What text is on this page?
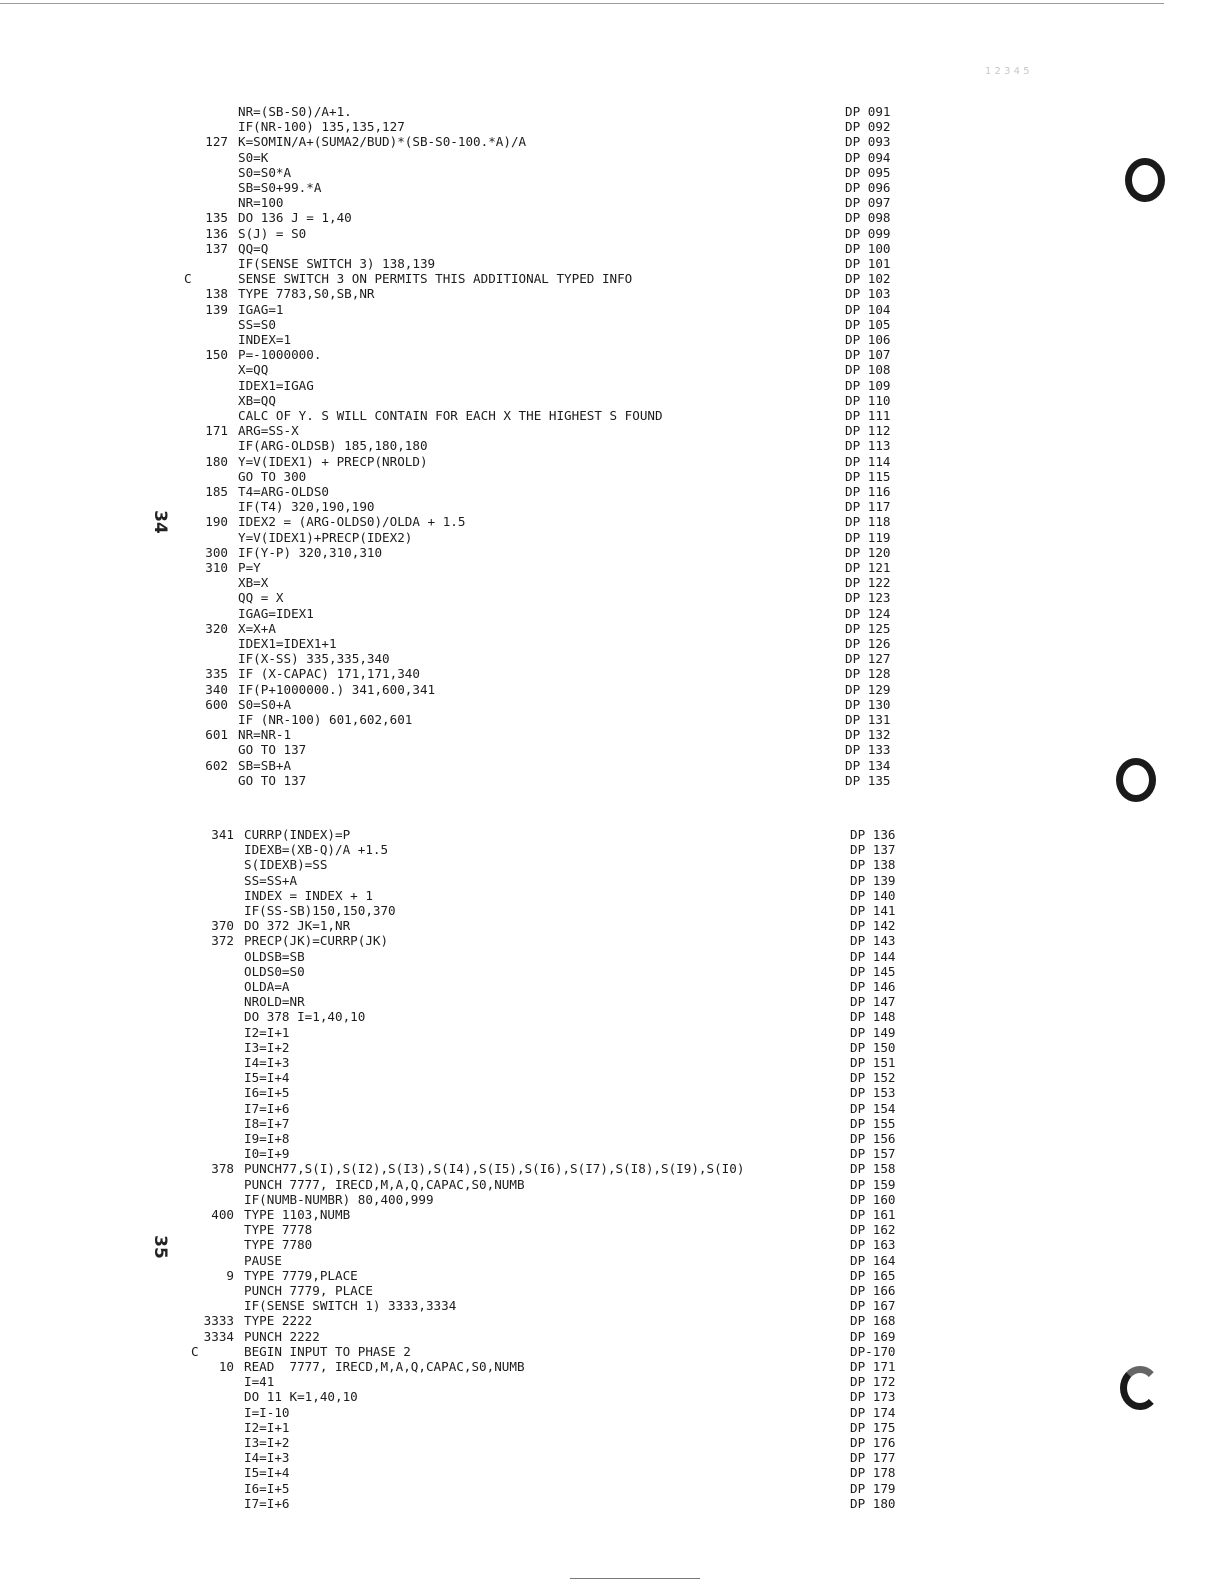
1 2 3 4 5
NR=(SB-S0)/A+1.	DP 091
IF(NR-100) 135,135,127	DP 092
127 K=SOMIN/A+(SUMA2/BUD)*(SB-S0-100.*A)/A	DP 093
S0=K	DP 094
S0=S0*A	DP 095
SB=S0+99.*A	DP 096
NR=100	DP 097
135 DO 136 J = 1,40	DP 098
136 S(J) = S0	DP 099
137 QQ=Q	DP 100
IF(SENSE SWITCH 3) 138,139	DP 101
C	SENSE SWITCH 3 ON PERMITS THIS ADDITIONAL TYPED INFO	DP 102
138 TYPE 7783,S0,SB,NR	DP 103
139 IGAG=1	DP 104
SS=S0	DP 105
INDEX=1	DP 106
150 P=-1000000.	DP 107
X=QQ	DP 108
IDEX1=IGAG	DP 109
XB=QQ	DP 110
CALC OF Y. S WILL CONTAIN FOR EACH X THE HIGHEST S FOUND	DP 111
171 ARG=SS-X	DP 112
IF(ARG-OLDSB) 185,180,180	DP 113
180 Y=V(IDEX1) + PRECP(NROLD)	DP 114
GO TO 300	DP 115
185 T4=ARG-OLDS0	DP 116
IF(T4) 320,190,190	DP 117
190 IDEX2 = (ARG-OLDS0)/OLDA + 1.5	DP 118
Y=V(IDEX1)+PRECP(IDEX2)	DP 119
300 IF(Y-P) 320,310,310	DP 120
310 P=Y	DP 121
XB=X	DP 122
QQ = X	DP 123
IGAG=IDEX1	DP 124
320 X=X+A	DP 125
IDEX1=IDEX1+1	DP 126
IF(X-SS) 335,335,340	DP 127
335 IF (X-CAPAC) 171,171,340	DP 128
340 IF(P+1000000.) 341,600,341	DP 129
600 S0=S0+A	DP 130
IF (NR-100) 601,602,601	DP 131
601 NR=NR-1	DP 132
GO TO 137	DP 133
602 SB=SB+A	DP 134
GO TO 137	DP 135
341 CURRP(INDEX)=P	DP 136
IDEXB=(XB-Q)/A +1.5	DP 137
S(IDEXB)=SS	DP 138
SS=SS+A	DP 139
INDEX = INDEX + 1	DP 140
IF(SS-SB)150,150,370	DP 141
370 DO 372 JK=1,NR	DP 142
372 PRECP(JK)=CURRP(JK)	DP 143
OLDSB=SB	DP 144
OLDS0=S0	DP 145
OLDA=A	DP 146
NROLD=NR	DP 147
DO 378 I=1,40,10	DP 148
I2=I+1	DP 149
I3=I+2	DP 150
I4=I+3	DP 151
I5=I+4	DP 152
I6=I+5	DP 153
I7=I+6	DP 154
I8=I+7	DP 155
I9=I+8	DP 156
I0=I+9	DP 157
378 PUNCH77,S(I),S(I2),S(I3),S(I4),S(I5),S(I6),S(I7),S(I8),S(I9),S(I0)	DP 158
PUNCH 7777, IRECD,M,A,Q,CAPAC,S0,NUMB	DP 159
IF(NUMB-NUMBR) 80,400,999	DP 160
400 TYPE 1103,NUMB	DP 161
TYPE 7778	DP 162
TYPE 7780	DP 163
PAUSE	DP 164
9 TYPE 7779,PLACE	DP 165
PUNCH 7779, PLACE	DP 166
IF(SENSE SWITCH 1) 3333,3334	DP 167
3333 TYPE 2222	DP 168
3334 PUNCH 2222	DP 169
C	BEGIN INPUT TO PHASE 2	DP-170
10 READ  7777, IRECD,M,A,Q,CAPAC,S0,NUMB	DP 171
I=41	DP 172
DO 11 K=1,40,10	DP 173
I=I-10	DP 174
I2=I+1	DP 175
I3=I+2	DP 176
I4=I+3	DP 177
I5=I+4	DP 178
I6=I+5	DP 179
I7=I+6	DP 180
34
35
